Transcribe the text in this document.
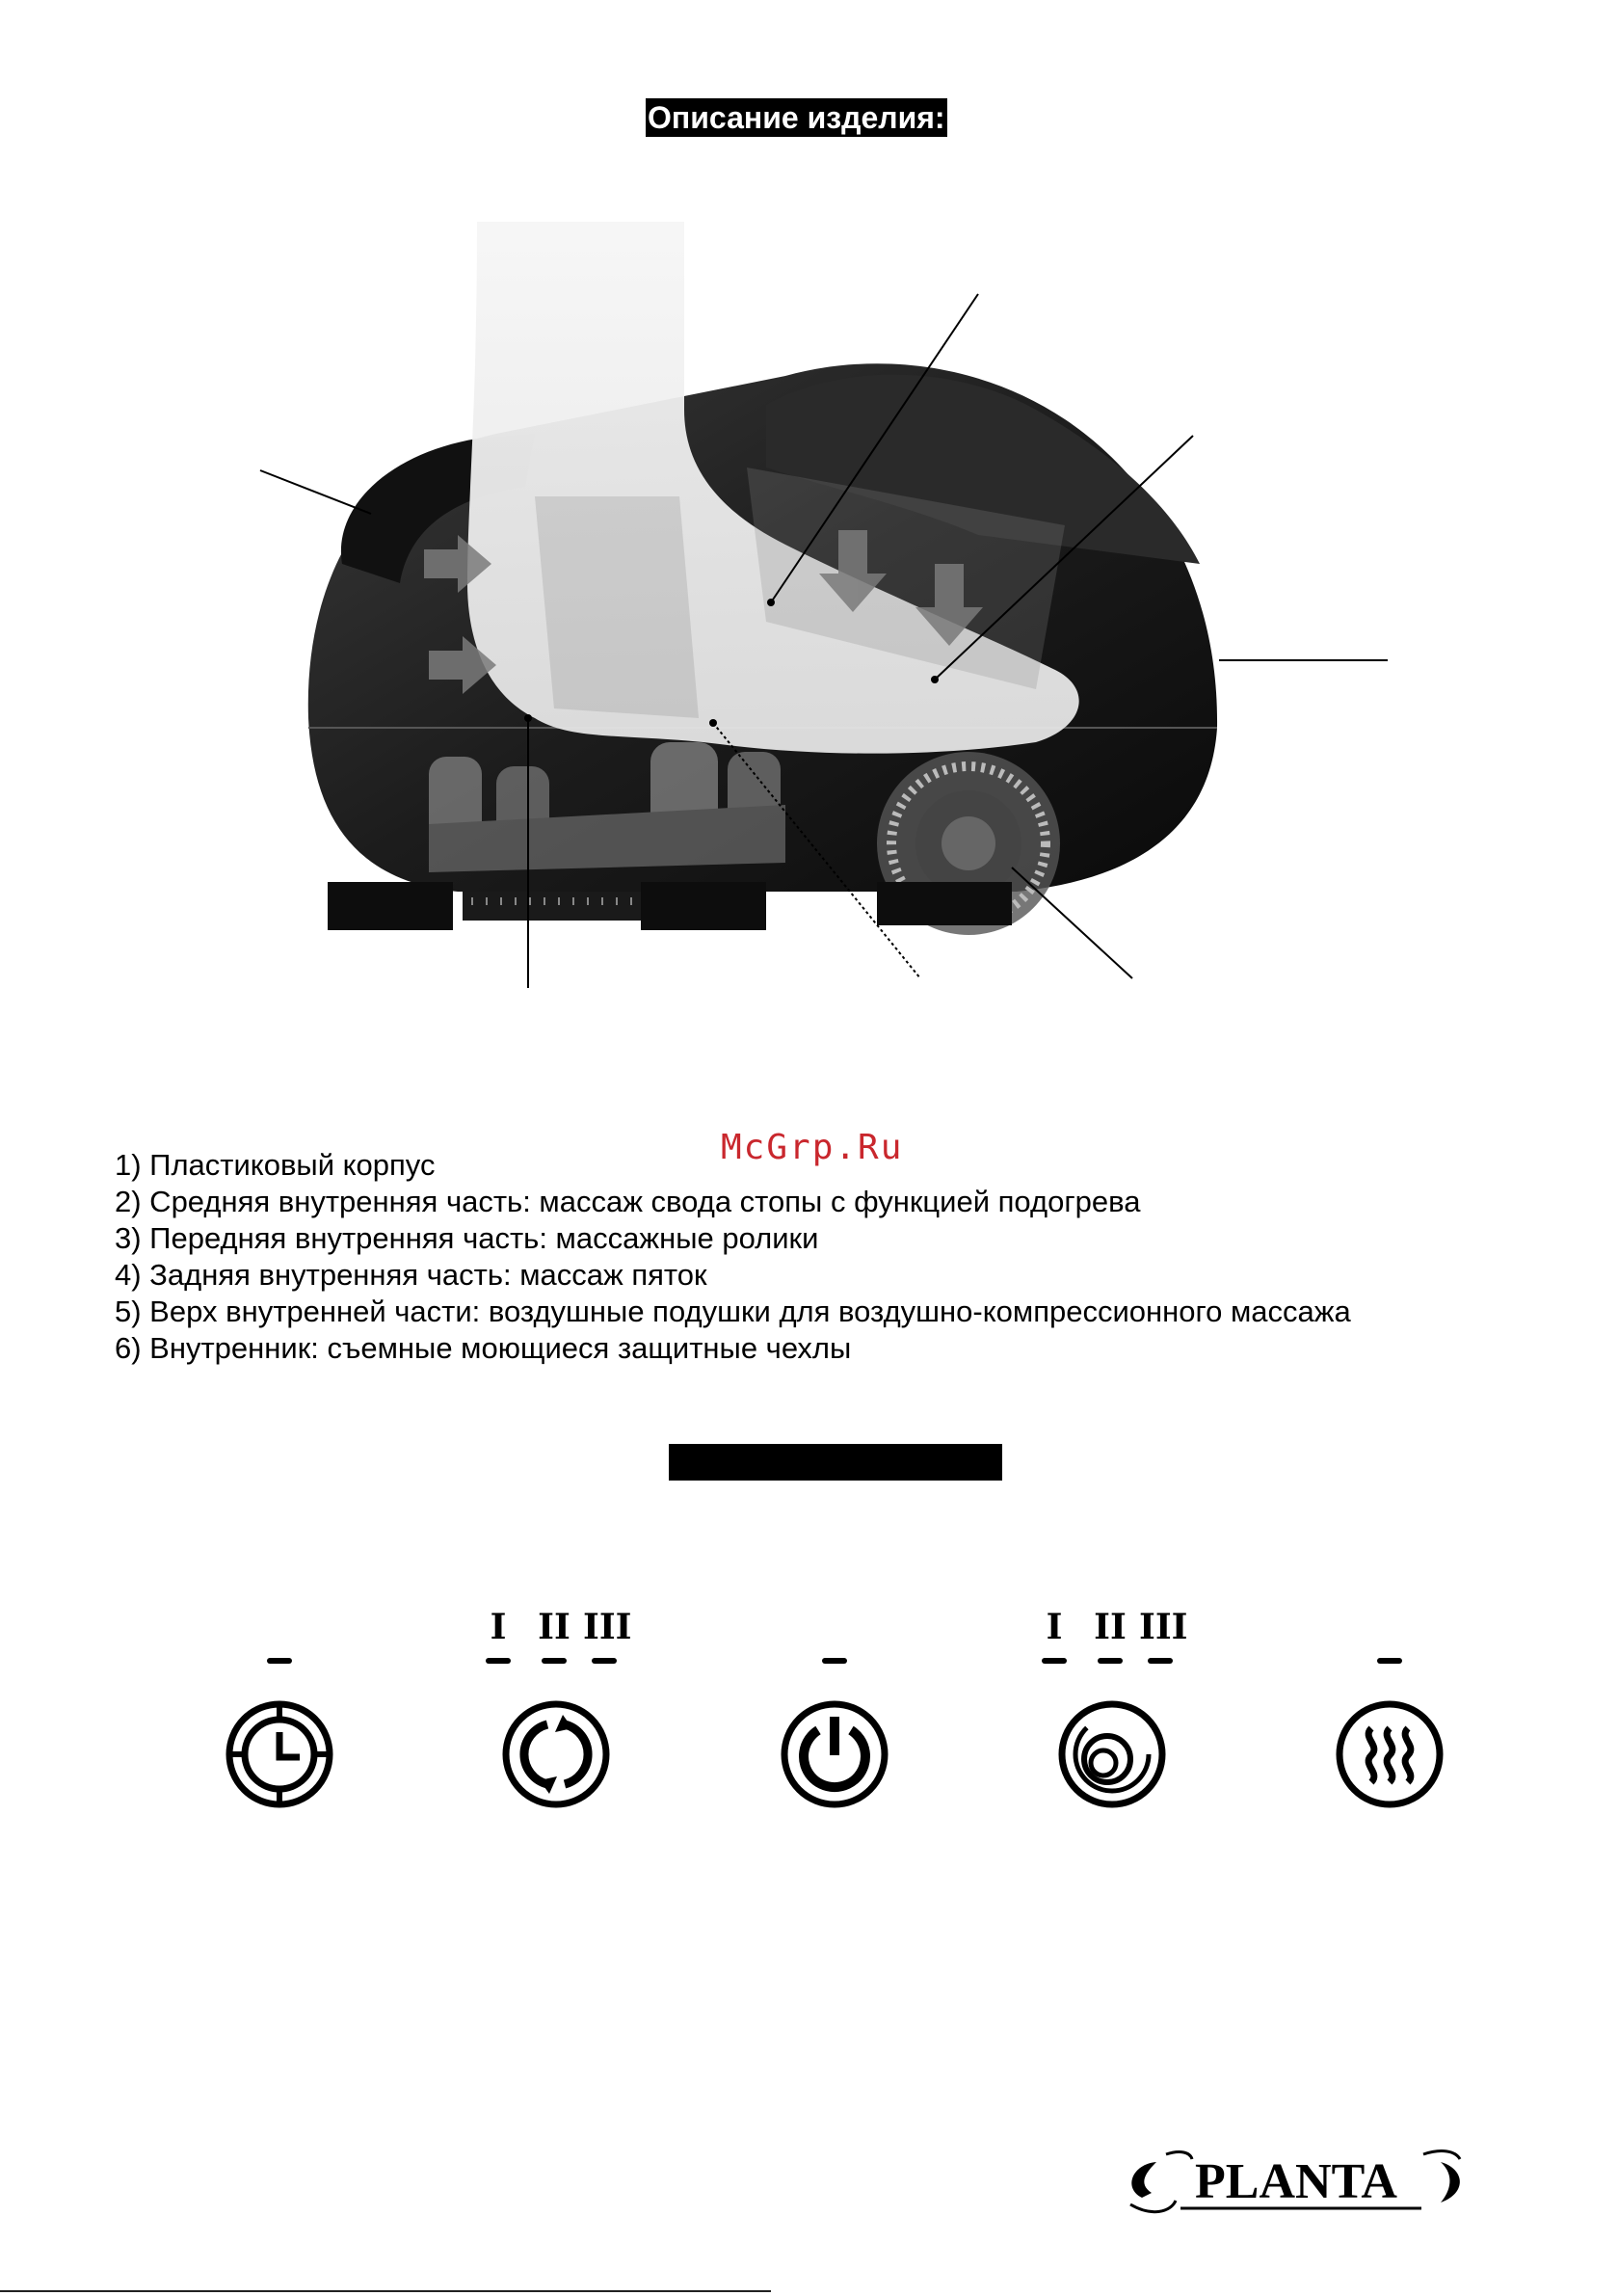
Описание изделия:
McGrp.Ru
1) Пластиковый корпус
2) Средняя внутренняя часть: массаж свода стопы с функцией подогрева
3) Передняя внутренняя часть: массажные ролики
4) Задняя внутренняя часть: массаж пяток
5) Верх внутренней части: воздушные подушки для воздушно-компрессионного массажа
6) Внутренник: съемные моющиеся защитные чехлы
I II III	I II III
PLANTA
